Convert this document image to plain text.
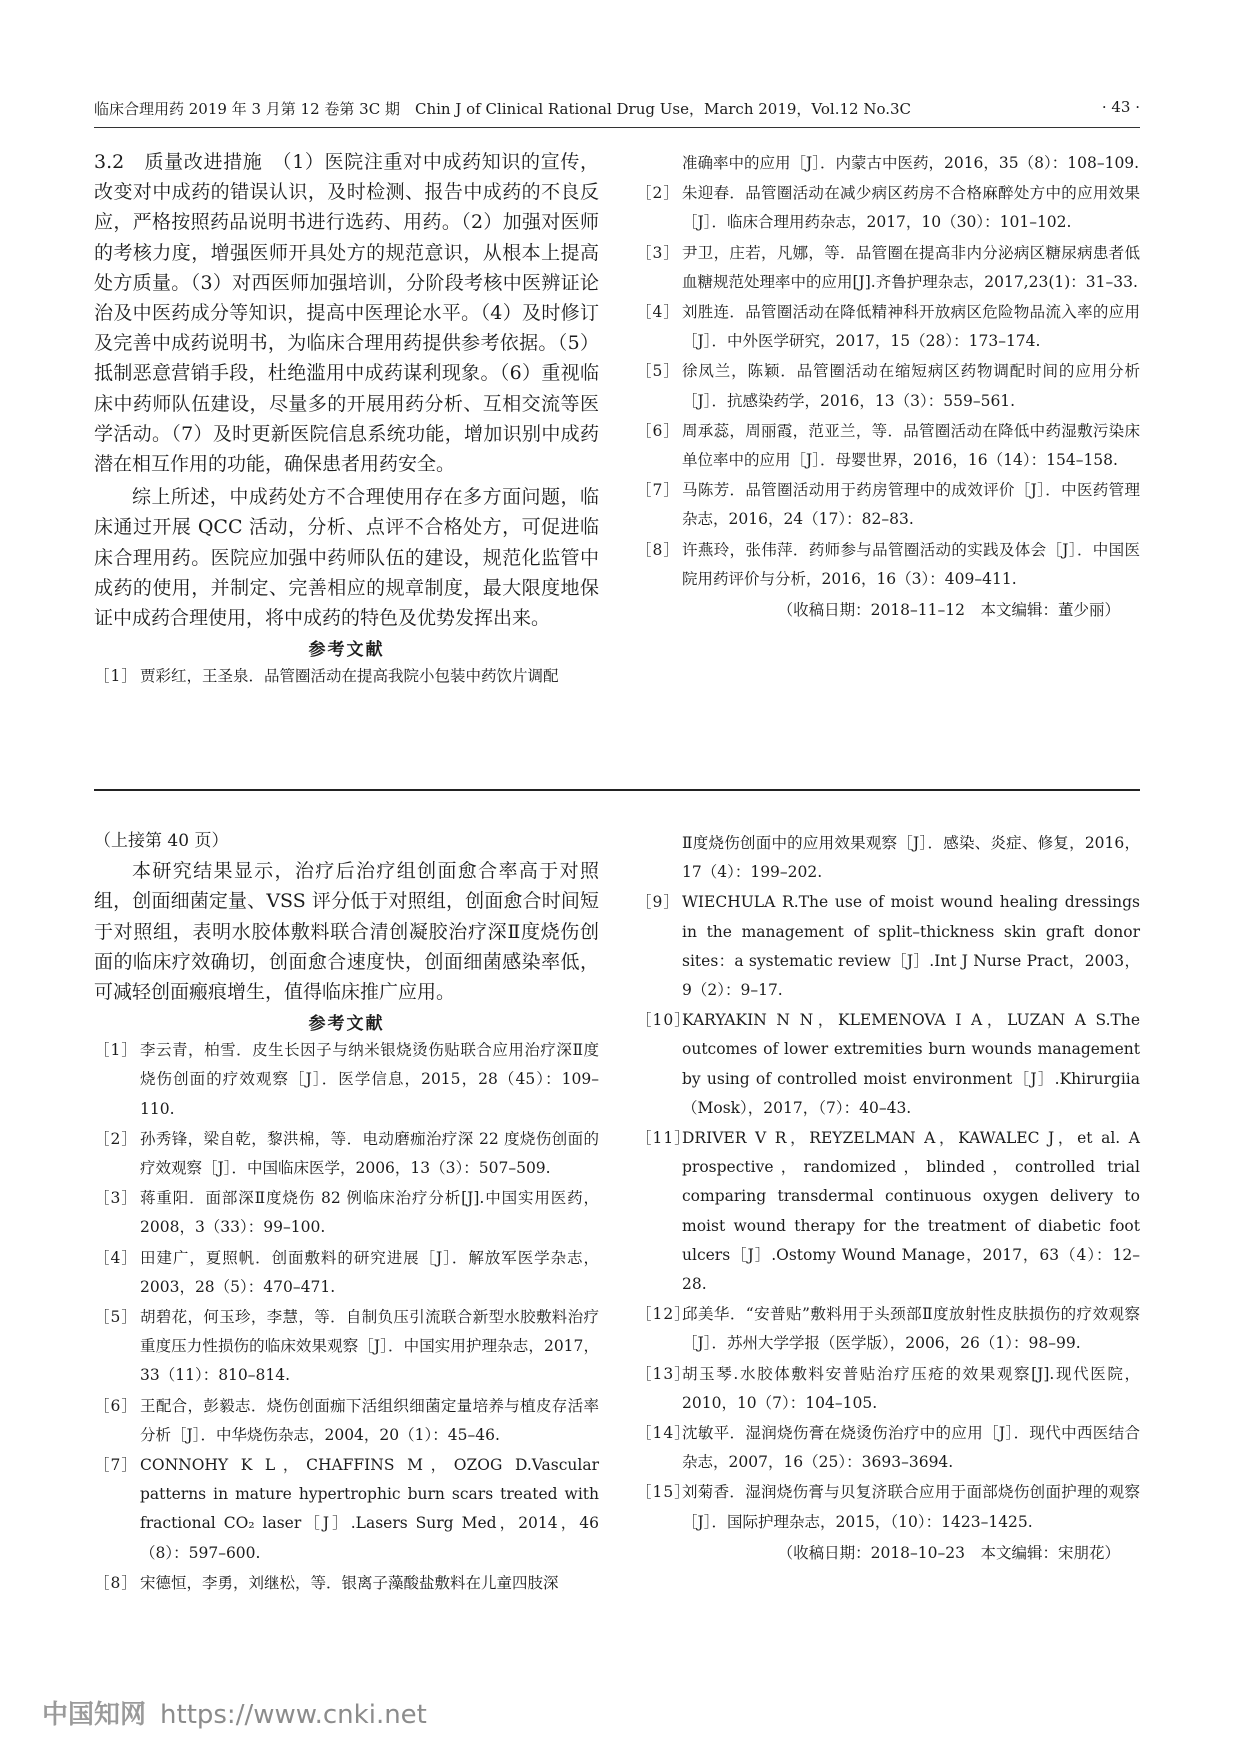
临床合理用药 2019 年 3 月第 12 卷第 3C 期　Chin J of Clinical Rational Drug Use，March 2019，Vol.12 No.3C	· 43 ·

3.2　质量改进措施　（1）医院注重对中成药知识的宣传，改变对中成药的错误认识，及时检测、报告中成药的不良反应，严格按照药品说明书进行选药、用药。（2）加强对医师的考核力度，增强医师开具处方的规范意识，从根本上提高处方质量。（3）对西医师加强培训，分阶段考核中医辨证论治及中医药成分等知识，提高中医理论水平。（4）及时修订及完善中成药说明书，为临床合理用药提供参考依据。（5）抵制恶意营销手段，杜绝滥用中成药谋利现象。（6）重视临床中药师队伍建设，尽量多的开展用药分析、互相交流等医学活动。（7）及时更新医院信息系统功能，增加识别中成药潜在相互作用的功能，确保患者用药安全。

综上所述，中成药处方不合理使用存在多方面问题，临床通过开展 QCC 活动，分析、点评不合格处方，可促进临床合理用药。医院应加强中药师队伍的建设，规范化监管中成药的使用，并制定、完善相应的规章制度，最大限度地保证中成药合理使用，将中成药的特色及优势发挥出来。

参考文献
［1］ 贾彩红，王圣泉．品管圈活动在提高我院小包装中药饮片调配
准确率中的应用［J］．内蒙古中医药，2016，35（8）：108–109.
［2］ 朱迎春．品管圈活动在减少病区药房不合格麻醉处方中的应用效果［J］．临床合理用药杂志，2017，10（30）：101–102.
［3］ 尹卫，庄若，凡娜，等．品管圈在提高非内分泌病区糖尿病患者低血糖规范处理率中的应用[J].齐鲁护理杂志，2017,23(1)：31–33.
［4］ 刘胜连．品管圈活动在降低精神科开放病区危险物品流入率的应用［J］．中外医学研究，2017，15（28）：173–174.
［5］ 徐凤兰，陈颖．品管圈活动在缩短病区药物调配时间的应用分析［J］．抗感染药学，2016，13（3）：559–561.
［6］ 周承蕊，周丽霞，范亚兰，等．品管圈活动在降低中药湿敷污染床单位率中的应用［J］．母婴世界，2016，16（14）：154–158.
［7］ 马陈芳．品管圈活动用于药房管理中的成效评价［J］．中医药管理杂志，2016，24（17）：82–83.
［8］ 许燕玲，张伟萍．药师参与品管圈活动的实践及体会［J］．中国医院用药评价与分析，2016，16（3）：409–411.
（收稿日期：2018–11–12　本文编辑：董少丽）

（上接第 40 页）

本研究结果显示，治疗后治疗组创面愈合率高于对照组，创面细菌定量、VSS 评分低于对照组，创面愈合时间短于对照组，表明水胶体敷料联合清创凝胶治疗深Ⅱ度烧伤创面的临床疗效确切，创面愈合速度快，创面细菌感染率低，可减轻创面瘢痕增生，值得临床推广应用。

参考文献
［1］ 李云青，柏雪．皮生长因子与纳米银烧烫伤贴联合应用治疗深Ⅱ度烧伤创面的疗效观察［J］．医学信息，2015，28（45）：109–110.
［2］ 孙秀锋，梁自乾，黎洪棉，等．电动磨痂治疗深 22 度烧伤创面的疗效观察［J］．中国临床医学，2006，13（3）：507–509.
［3］ 蒋重阳．面部深Ⅱ度烧伤 82 例临床治疗分析[J].中国实用医药，2008，3（33）：99–100.
［4］ 田建广，夏照帆．创面敷料的研究进展［J］．解放军医学杂志，2003，28（5）：470–471.
［5］ 胡碧花，何玉珍，李慧，等．自制负压引流联合新型水胶敷料治疗重度压力性损伤的临床效果观察［J］．中国实用护理杂志，2017，33（11）：810–814.
［6］ 王配合，彭毅志．烧伤创面痂下活组织细菌定量培养与植皮存活率分析［J］．中华烧伤杂志，2004，20（1）：45–46.
［7］ CONNOHY K L，CHAFFINS M，OZOG D.Vascular patterns in mature hypertrophic burn scars treated with fractional CO₂ laser［J］.Lasers Surg Med，2014，46（8）：597–600.
［8］ 宋德恒，李勇，刘继松，等．银离子藻酸盐敷料在儿童四肢深
Ⅱ度烧伤创面中的应用效果观察［J］．感染、炎症、修复，2016，17（4）：199–202.
［9］ WIECHULA R.The use of moist wound healing dressings in the management of split–thickness skin graft donor sites：a systematic review［J］.Int J Nurse Pract，2003，9（2）：9–17.
［10］
KARYAKIN N N，KLEMENOVA I A，LUZAN A S.The outcomes of lower extremities burn wounds management by using of controlled moist environment［J］.Khirurgiia（Mosk），2017，（7）：40–43.
［11］
DRIVER V R，REYZELMAN A，KAWALEC J，et al. A prospective，randomized，blinded，controlled trial comparing transdermal continuous oxygen delivery to moist wound therapy for the treatment of diabetic foot ulcers［J］.Ostomy Wound Manage，2017，63（4）：12–28.
［12］
邱美华．“安普贴”敷料用于头颈部Ⅱ度放射性皮肤损伤的疗效观察［J］．苏州大学学报（医学版），2006，26（1）：98–99.
［13］
胡玉琴.水胶体敷料安普贴治疗压疮的效果观察[J].现代医院，2010，10（7）：104–105.
［14］
沈敏平．湿润烧伤膏在烧烫伤治疗中的应用［J］．现代中西医结合杂志，2007，16（25）：3693–3694.
［15］
刘菊香．湿润烧伤膏与贝复济联合应用于面部烧伤创面护理的观察［J］．国际护理杂志，2015，（10）：1423–1425.
（收稿日期：2018–10–23　本文编辑：宋朋花）
中国知网 https://www.cnki.net
